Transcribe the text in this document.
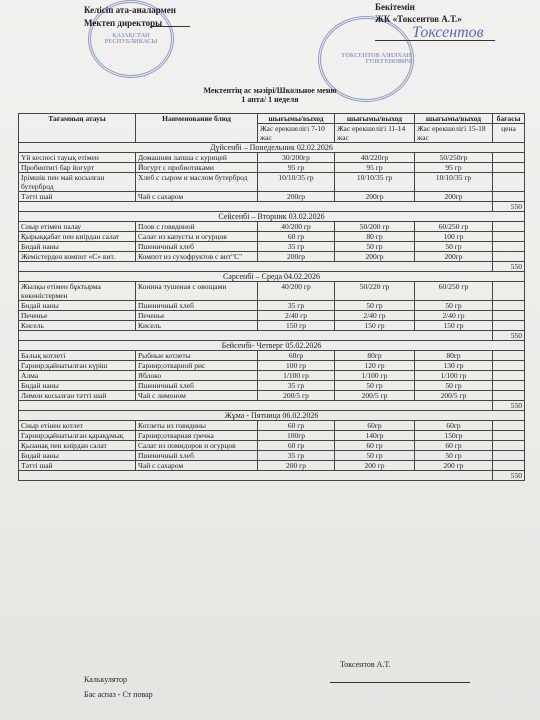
ҚАЗАҚСТАН РЕСПУБЛИКАСЫ
ТОКСЕНТОВ АЗИЛХАН ТУЛЕГЕНОВИЧ
Келісіп ата-аналармен
Мектеп директоры
Бекітемін
ЖК «Токсентов А.Т.»
Токсентов
Мектептің ас мәзірі/Школьное меню
1 апта/ 1 неделя
Тағамның атауы	Наименование блюд	шығымы/выход	шығымы/выход	шығымы/выход	бағасы
		Жас ерекшелігі 7-10 жас	Жас ерекшелігі 11-14 жас	Жас ерекшелігі 15-18 жас	цена
Дүйсенбі – Понедельник 02.02.2026					
Үй кеспесі тауық етімен	Домашняя лапша с курицей	30/200гр	40/220гр	50/250гр	
Пробиотигі бар йогурт	Йогурт с пробиотиками	95 гр	95 гр	95 гр	
Ірімшік пен май косылған бутерброд	Хлеб с сыром и маслом бутерброд	10/10/35 гр	10/10/35 гр	10/10/35 гр	
Тәтті шай	Чай с сахаром	200гр	200гр	200гр	
					550
Сейсенбі – Вторник 03.02.2026					
Сиыр етімен палау	Плов с говядиной	40/200 гр	50/200 гр	60/250 гр	
Қырыққабат пен киірдан салат	Салат из капусты и огурцов	60 гр	80 гр	100 гр	
Бидай наны	Пшеничный хлеб	35 гр	50 гр	50 гр	
Жемістерден компот «С» вит.	Компот из сухофруктов с вит"С"	200гр	200гр	200гр	
					550
Сәрсенбі – Среда 04.02.2026					
Жылқы етімен бұктырма көкөністермен	Конина тушеная с овощами	40/200 гр	50/220 гр	60/250 гр	
Бидай наны	Пшеничный хлеб	35 гр	50 гр	50 гр	
Печенье	Печенье	2/40 гр	2/40 гр	2/40 гр	
Кисель	Кисель	150 гр	150 гр	150 гр	
					550
Бейсенбі- Четверг 05.02.2026					
Балық котлеті	Рыбные котлеты	60гр	80гр	80гр	
Гарнир;қайнатылған күріш	Гарнир;отварной рис	100 гр	120 гр	130 гр	
Алма	Яблоко	1/100 гр	1/100 гр	1/100 гр	
Бидай наны	Пшеничный хлеб	35 гр	50 гр	50 гр	
Лимон косылған тәтті шай	Чай с лимоном	200/5 гр	200/5 гр	200/5 гр	
					550
Жұма - Пятница 06.02.2026					
Сиыр етінен котлет	Котлеты из говядины	60 гр	60гр	60гр	
Гарнир;қайнатылған қарақұмық	Гарнир;отварная гречка	100гр	140гр	150гр	
Қызанақ пен киірдан салат	Салат из помидоров и огурцов	60 гр	60 гр	60 гр	
Бидай наны	Пшеничный хлеб	35 гр	50 гр	50 гр	
Тәтті шай	Чай с сахаром	200 гр	200 гр	200 гр	
					550
Калькулятор
Бас аспаз - Ст повар
Токсентов А.Т.
